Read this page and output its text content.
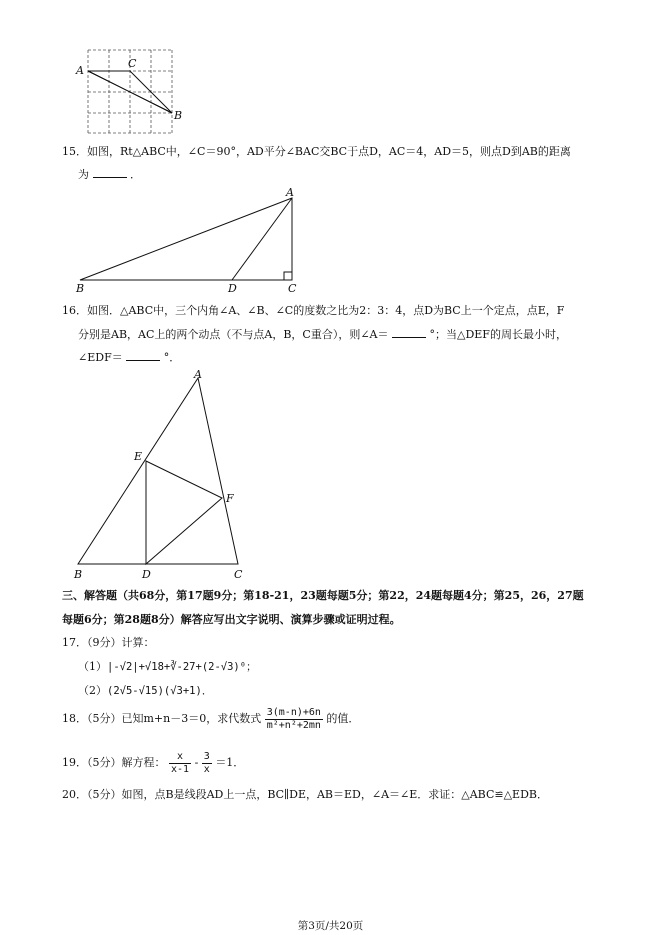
A
C
B
15．如图，Rt△ABC中，∠C＝90°，AD平分∠BAC交BC于点D，AC＝4，AD＝5，则点D到AB的距离
为	．
A
B	D	C
16．如图．△ABC中，三个内角∠A、∠B、∠C的度数之比为2：3：4，点D为BC上一个定点，点E，F
分别是AB，AC上的两个动点（不与点A，B，C重合），则∠A＝	°；当△DEF的周长最小时，
∠EDF＝	°．
A
B	C
D
E
F
三、解答题（共68分，第17题9分；第18-21，23题每题5分；第22，24题每题4分；第25，26，27题
每题6分；第28题8分）解答应写出文字说明、演算步骤或证明过程。
17．（9分）计算：
（1）|-√2|+√18+∛-27+(2-√3)⁰；
（2）(2√5-√15)(√3+1)．
18．（5分）已知m+n－3＝0，求代数式 $\frac{3(m-n)+6n}{\text{m²+n²+2mn}}$ 的值．
19．（5分）解方程： $\frac{x}{x-1} - \frac{3}{x} =1$．
20．（5分）如图，点B是线段AD上一点，BC∥DE，AB＝ED，∠A＝∠E．求证：△ABC≌△EDB．
第3页/共20页
